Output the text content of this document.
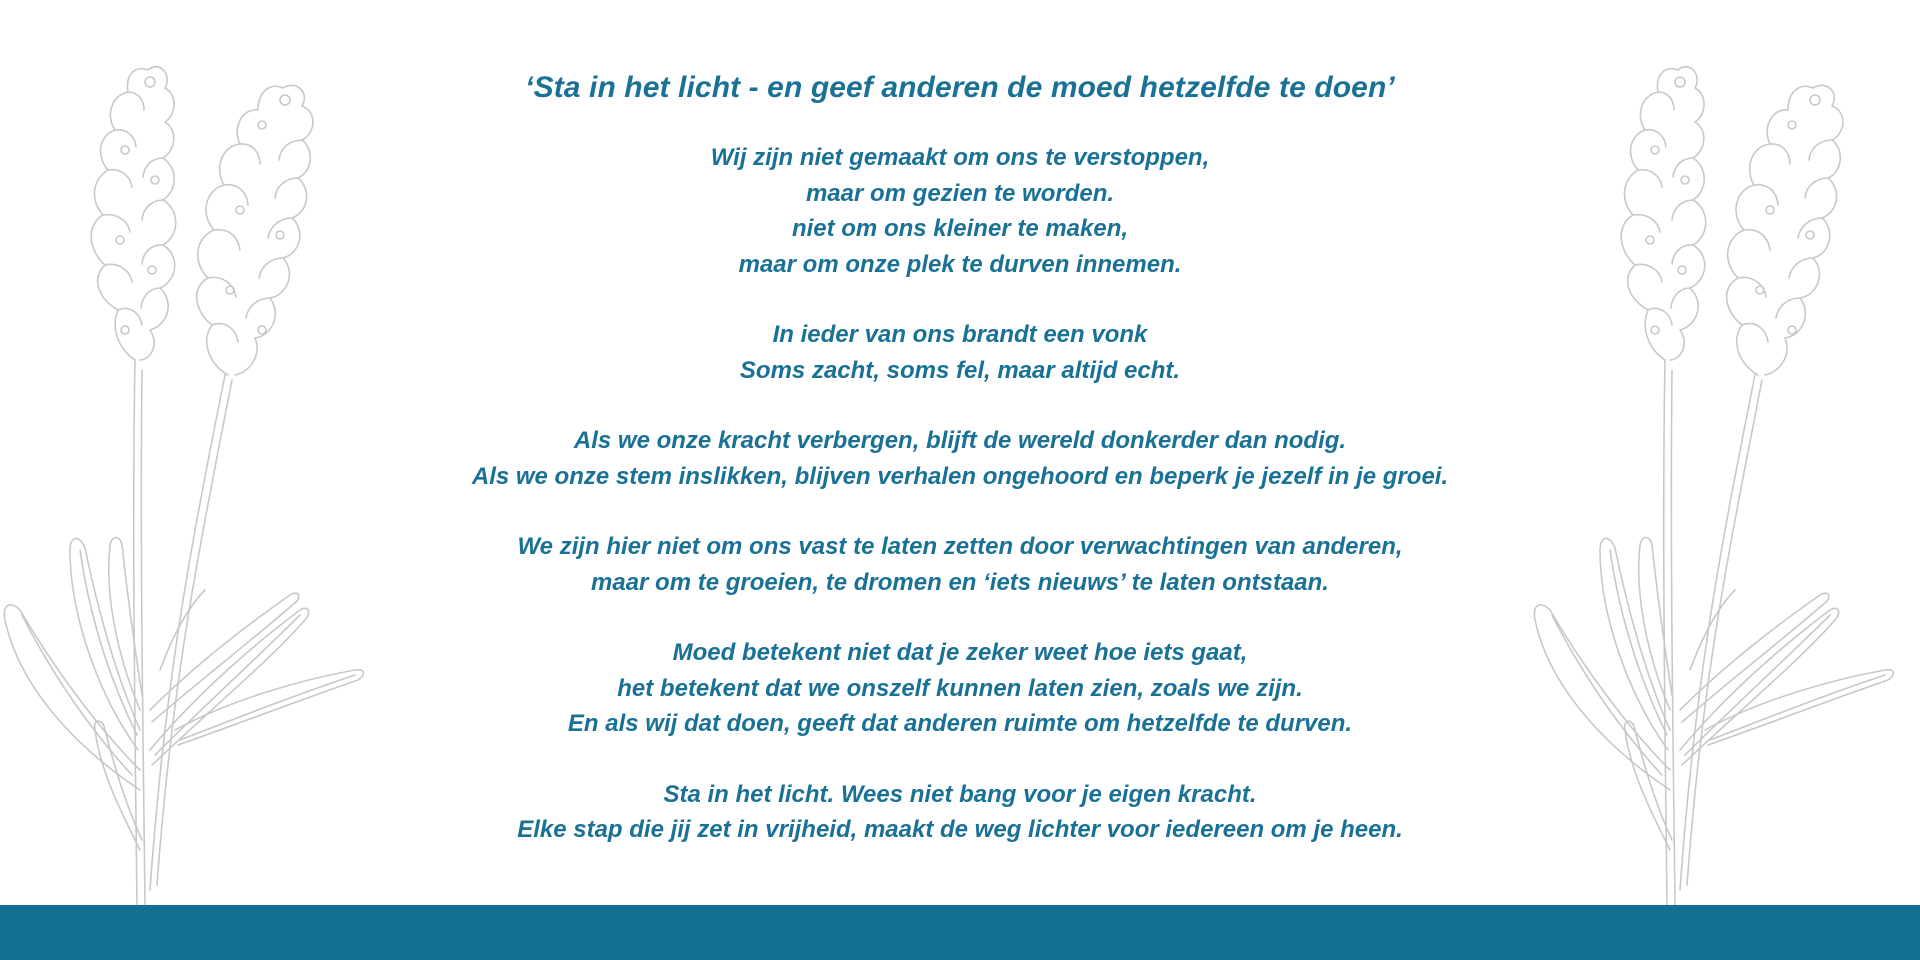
‘Sta in het licht - en geef anderen de moed hetzelfde te doen’
Wij zijn niet gemaakt om ons te verstoppen,
maar om gezien te worden.
niet om ons kleiner te maken,
maar om onze plek te durven innemen.
In ieder van ons brandt een vonk
Soms zacht, soms fel, maar altijd echt.
Als we onze kracht verbergen, blijft de wereld donkerder dan nodig.
Als we onze stem inslikken, blijven verhalen ongehoord en beperk je jezelf in je groei.
We zijn hier niet om ons vast te laten zetten door verwachtingen van anderen,
maar om te groeien, te dromen en ‘iets nieuws’ te laten ontstaan.
Moed betekent niet dat je zeker weet hoe iets gaat,
het betekent dat we onszelf kunnen laten zien, zoals we zijn.
En als wij dat doen, geeft dat anderen ruimte om hetzelfde te durven.
Sta in het licht. Wees niet bang voor je eigen kracht.
Elke stap die jij zet in vrijheid, maakt de weg lichter voor iedereen om je heen.
